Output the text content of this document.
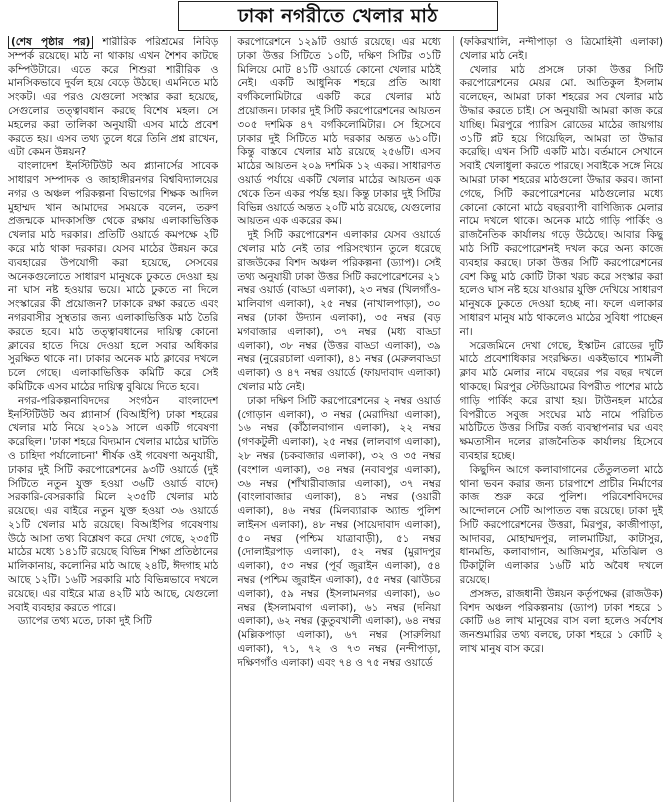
ঢাকা নগরীতে খেলার মাঠ

(শেষ পৃষ্ঠার পর) শারীরিক পরিশ্রমের নিবিড় সম্পর্ক রয়েছে। মাঠ না থাকায় এখন শৈশব কাটছে কম্পিউটারে। এতে করে শিশুরা শারীরিক ও মানসিকভাবে দুর্বল হয়ে বেড়ে উঠছে। এমনিতে মাঠ সংকট। এর পরও যেগুলো সংস্কার করা হয়েছে, সেগুলোর তত্ত্বাবধান করছে বিশেষ মহল। সে মহলের করা তালিকা অনুযায়ী এসব মাঠে প্রবেশ করতে হয়। এসব তথ্য তুলে ধরে তিনি প্রশ্ন রাখেন, এটা কেমন উন্নয়ন?

বাংলাদেশ ইনস্টিটিউট অব প্ল্যানার্সের সাবেক সাধারণ সম্পাদক ও জাহাঙ্গীরনগর বিশ্ববিদ্যালয়ের নগর ও অঞ্চল পরিকল্পনা বিভাগের শিক্ষক আদিল মুহাম্মদ খান আমাদের সময়কে বলেন, তরুণ প্রজন্মকে মাদকাসক্তি থেকে রক্ষায় এলাকাভিত্তিক খেলার মাঠ দরকার। প্রতিটি ওয়ার্ডে কমপক্ষে ২টি করে মাঠ থাকা দরকার। যেসব মাঠের উন্নয়ন করে ব্যবহারের উপযোগী করা হয়েছে, সেসবের অনেকগুলোতে সাধারণ মানুষকে ঢুকতে দেওয়া হয় না ঘাস নষ্ট হওয়ার ভয়ে। মাঠে ঢুকতে না দিলে সংস্কারের কী প্রয়োজন? ঢাকাকে রক্ষা করতে এবং নগরবাসীর সুস্থতার জন্য এলাকাভিত্তিক মাঠ তৈরি করতে হবে। মাঠ তত্ত্বাবধানের দায়িত্ব কোনো ক্লাবের হাতে দিয়ে দেওয়া হলে সবার অধিকার সুরক্ষিত থাকে না। ঢাকার অনেক মাঠ ক্লাবের দখলে চলে গেছে। এলাকাভিত্তিক কমিটি করে সেই কমিটিকে এসব মাঠের দায়িত্ব বুঝিয়ে দিতে হবে।

নগর-পরিকল্পনাবিদদের সংগঠন বাংলাদেশ ইনস্টিটিউট অব প্ল্যানার্স (বিআইপি) ঢাকা শহরের খেলার মাঠ নিয়ে ২০১৯ সালে একটি গবেষণা করেছিল। 'ঢাকা শহরে বিদ্যমান খেলার মাঠের ঘাটতি ও চাহিদা পর্যালোচনা' শীর্ষক ওই গবেষণা অনুযায়ী, ঢাকার দুই সিটি করপোরেশনের ৯৩টি ওয়ার্ডে (দুই সিটিতে নতুন যুক্ত হওয়া ৩৬টি ওয়ার্ড বাদে) সরকারি-বেসরকারি মিলে ২৩৫টি খেলার মাঠ রয়েছে। এর বাইরে নতুন যুক্ত হওয়া ৩৬ ওয়ার্ডে ২১টি খেলার মাঠ রয়েছে। বিআইপির গবেষণায় উঠে আসা তথ্য বিশ্লেষণ করে দেখা গেছে, ২৩৫টি মাঠের মধ্যে ১৪১টি রয়েছে বিভিন্ন শিক্ষা প্রতিষ্ঠানের মালিকানায়, কলোনির মাঠ আছে ২৪টি, ঈদগাহ মাঠ আছে ১২টি। ১৬টি সরকারি মাঠ বিভিন্নভাবে দখলে রয়েছে। এর বাইরে মাত্র ৪২টি মাঠ আছে, যেগুলো সবাই ব্যবহার করতে পারে।

ড্যাপের তথ্য মতে, ঢাকা দুই সিটি

করপোরেশনে ১২৯টি ওয়ার্ড রয়েছে। এর মধ্যে ঢাকা উত্তর সিটিতে ১০টি, দক্ষিণ সিটির ৩১টি মিলিয়ে মোট ৪১টি ওয়ার্ডে কোনো খেলার মাঠই নেই। একটি আধুনিক শহরে প্রতি আধা বর্গকিলোমিটারে একটি করে খেলার মাঠ প্রয়োজন। ঢাকার দুই সিটি করপোরেশনের আয়তন ৩০৫ দশমিক ৪৭ বর্গকিলোমিটার। সে হিসেবে ঢাকার দুই সিটিতে মাঠ দরকার অন্তত ৬১০টি। কিন্তু বাস্তবে খেলার মাঠ রয়েছে ২৫৬টি। এসব মাঠের আয়তন ২০৯ দশমিক ১২ একর। সাধারণত ওয়ার্ড পর্যায়ে একটি খেলার মাঠের আয়তন এক থেকে তিন একর পর্যন্ত হয়। কিন্তু ঢাকার দুই সিটির বিভিন্ন ওয়ার্ডে অন্তত ২০টি মাঠ রয়েছে, যেগুলোর আয়তন এক একরের কম।

দুই সিটি করপোরেশন এলাকার যেসব ওয়ার্ডে খেলার মাঠ নেই তার পরিসংখ্যান তুলে ধরেছে রাজউকের বিশদ অঞ্চল পরিকল্পনা (ড্যাপ)। সেই তথ্য অনুযায়ী ঢাকা উত্তর সিটি করপোরেশনের ২১ নম্বর ওয়ার্ড (বাড্ডা এলাকা), ২৩ নম্বর (খিলগাঁও-মালিবাগ এলাকা), ২৫ নম্বর (নাখালপাড়া), ৩০ নম্বর (ঢাকা উদ্যান এলাকা), ৩৫ নম্বর (বড় মগবাজার এলাকা), ৩৭ নম্বর (মধ্য বাড্ডা এলাকা), ৩৮ নম্বর (উত্তর বাড্ডা এলাকা), ৩৯ নম্বর (নুরেরচালা এলাকা), ৪১ নম্বর (মেরুলবাড্ডা এলাকা) ও ৪৭ নম্বর ওয়ার্ডে (ফায়দাবাদ এলাকা) খেলার মাঠ নেই।

ঢাকা দক্ষিণ সিটি করপোরেশনের ২ নম্বর ওয়ার্ড (গোড়ান এলাকা), ৩ নম্বর (মেরাদিয়া এলাকা), ১৬ নম্বর (কাঁঠালবাগান এলাকা), ২২ নম্বর (গণকটুলী এলাকা), ২৫ নম্বর (লালবাগ এলাকা), ২৮ নম্বর (চকবাজার এলাকা), ৩২ ও ৩৫ নম্বর (বংশাল এলাকা), ৩৪ নম্বর (নবাবপুর এলাকা), ৩৬ নম্বর (শাঁখারীবাজার এলাকা), ৩৭ নম্বর (বাংলাবাজার এলাকা), ৪১ নম্বর (ওয়ারী এলাকা), ৪৬ নম্বর (মিলব্যারাক অ্যান্ড পুলিশ লাইনস এলাকা), ৪৮ নম্বর (সায়েদাবাদ এলাকা), ৫০ নম্বর (পশ্চিম যাত্রাবাড়ী), ৫১ নম্বর (দোলাইরপাড় এলাকা), ৫২ নম্বর (মুরাদপুর এলাকা), ৫৩ নম্বর (পূর্ব জুরাইন এলাকা), ৫৪ নম্বর (পশ্চিম জুরাইন এলাকা), ৫৫ নম্বর (ঝাউচর এলাকা), ৫৯ নম্বর (ইসলামনগর এলাকা), ৬০ নম্বর (ইসলামবাগ এলাকা), ৬১ নম্বর (দনিয়া এলাকা), ৬২ নম্বর (কুতুবখালী এলাকা), ৬৪ নম্বর (মল্লিকপাড়া এলাকা), ৬৭ নম্বর (সারুলিয়া এলাকা), ৭১, ৭২ ও ৭৩ নম্বর (নন্দীপাড়া, দক্ষিণগাঁও এলাকা) এবং ৭৪ ও ৭৫ নম্বর ওয়ার্ডে

(ফকিরখালি, নন্দীপাড়া ও ত্রিমোহিনী এলাকা) খেলার মাঠ নেই।

খেলার মাঠ প্রসঙ্গে ঢাকা উত্তর সিটি করপোরেশনের মেয়র মো. আতিকুল ইসলাম বলেছেন, আমরা ঢাকা শহরের সব খেলার মাঠ উদ্ধার করতে চাই। সে অনুযায়ী আমরা কাজ করে যাচ্ছি। মিরপুরে প্যারিস রোডের মাঠের জায়গায় ৩১টি প্লট হয়ে গিয়েছিল, আমরা তা উদ্ধার করেছি। এখন সিটি একটি মাঠ। বর্তমানে সেখানে সবাই খেলাধুলা করতে পারছে। সবাইকে সঙ্গে নিয়ে আমরা ঢাকা শহরের মাঠগুলো উদ্ধার করব। জানা গেছে, সিটি করপোরেশনের মাঠগুলোর মধ্যে কোনো কোনো মাঠে বছরব্যাপী বাণিজ্যিক মেলার নামে দখলে থাকে। অনেক মাঠে গাড়ি পার্কিং ও রাজনৈতিক কার্যালয় গড়ে উঠেছে। আবার কিছু মাঠ সিটি করপোরেশনই দখল করে অন্য কাজে ব্যবহার করছে। ঢাকা উত্তর সিটি করপোরেশনের বেশ কিছু মাঠ কোটি টাকা খরচ করে সংস্কার করা হলেও ঘাস নষ্ট হয়ে যাওয়ার যুক্তি দেখিয়ে সাধারণ মানুষকে ঢুকতে দেওয়া হচ্ছে না। ফলে এলাকার সাধারণ মানুষ মাঠ থাকলেও মাঠের সুবিধা পাচ্ছেন না।

সরেজমিনে দেখা গেছে, ইস্কাটন রোডের দুটি মাঠে প্রবেশাধিকার সংরক্ষিত। একইভাবে শ্যামলী ক্লাব মাঠ মেলার নামে বছরের পর বছর দখলে থাকছে। মিরপুর স্টেডিয়ামের বিপরীত পাশের মাঠে গাড়ি পার্কিং করে রাখা হয়। টাউনহল মাঠের বিপরীতে সবুজ সংঘের মাঠ নামে পরিচিত মাঠটিতে উত্তর সিটির বর্জ্য ব্যবস্থাপনার ঘর এবং ক্ষমতাসীন দলের রাজনৈতিক কার্যালয় হিসেবে ব্যবহার হচ্ছে।

কিছুদিন আগে কলাবাগানের তেঁতুলতলা মাঠে থানা ভবন করার জন্য চারপাশে প্রাচীর নির্মাণের কাজ শুরু করে পুলিশ। পরিবেশবিদদের আন্দোলনে সেটি আপাতত বন্ধ রয়েছে। ঢাকা দুই সিটি করপোরেশনের উত্তরা, মিরপুর, কাজীপাড়া, আদাবর, মোহাম্মদপুর, লালমাটিয়া, কাটাসুর, ধানমন্ডি, কলাবাগান, আজিমপুর, মতিঝিল ও টিকাটুলি এলাকার ১৬টি মাঠ অবৈধ দখলে রয়েছে।

প্রসঙ্গত, রাজধানী উন্নয়ন কর্তৃপক্ষের (রাজউক) বিশদ অঞ্চল পরিকল্পনায় (ড্যাপ) ঢাকা শহরে ১ কোটি ৬৪ লাখ মানুষের বাস বলা হলেও সর্বশেষ জনশুমারির তথ্য বলছে, ঢাকা শহরে ১ কোটি ২ লাখ মানুষ বাস করে।
